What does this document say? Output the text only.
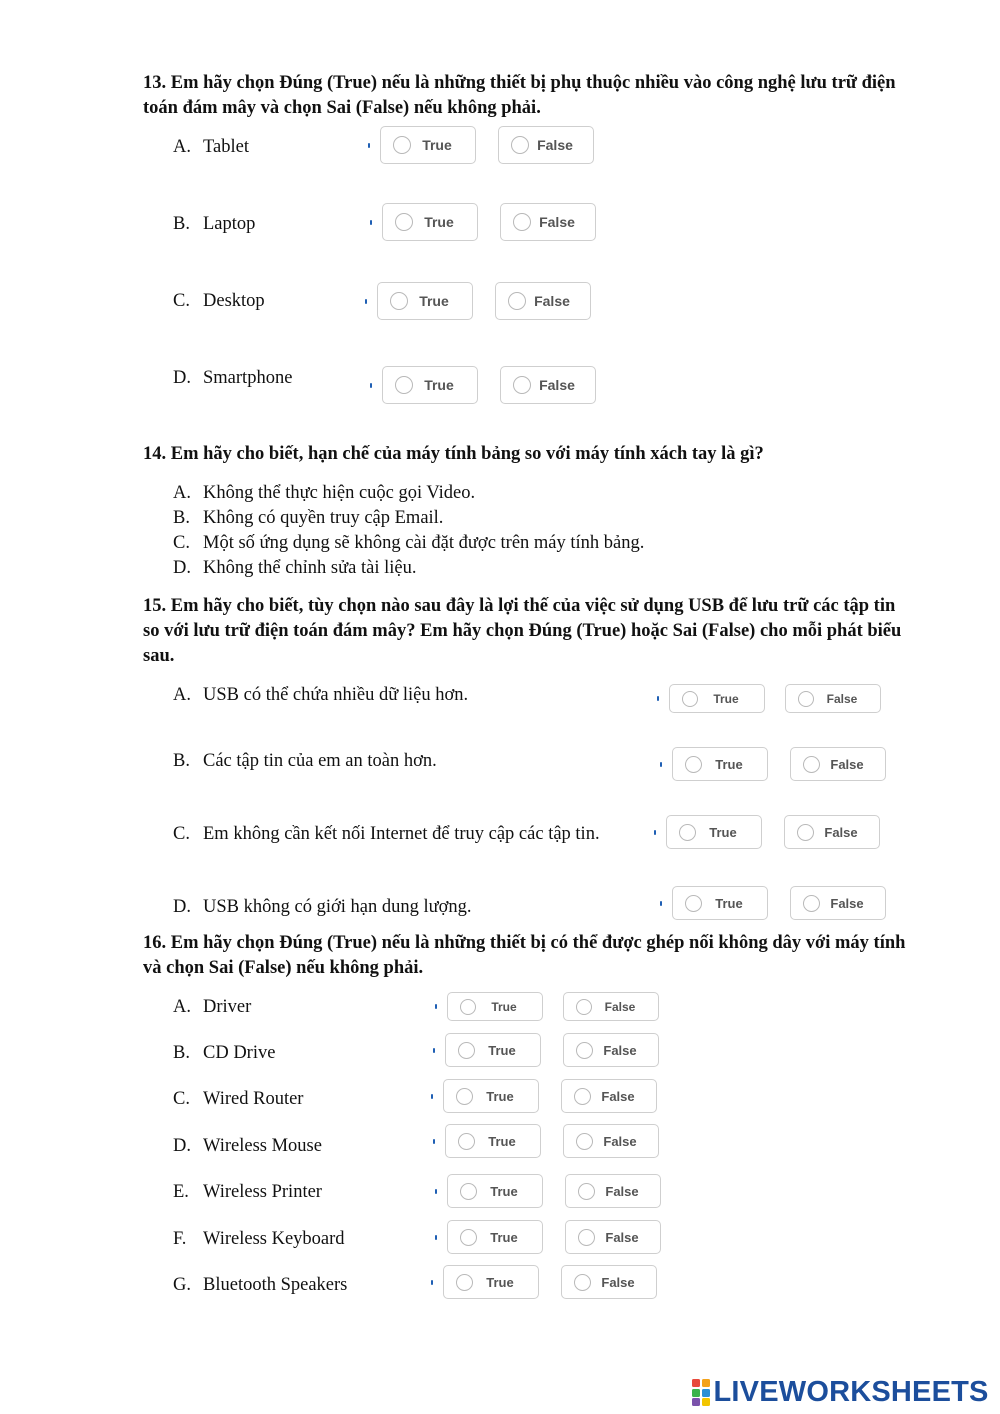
13. Em hãy chọn Đúng (True) nếu là những thiết bị phụ thuộc nhiều vào công nghệ lưu trữ điện toán đám mây và chọn Sai (False) nếu không phải.

A. Tablet	True	False
B. Laptop	True	False
C. Desktop	True	False
D. Smartphone	True	False

14. Em hãy cho biết, hạn chế của máy tính bảng so với máy tính xách tay là gì?

A. Không thể thực hiện cuộc gọi Video.
B. Không có quyền truy cập Email.
C. Một số ứng dụng sẽ không cài đặt được trên máy tính bảng.
D. Không thể chỉnh sửa tài liệu.

15. Em hãy cho biết, tùy chọn nào sau đây là lợi thế của việc sử dụng USB để lưu trữ các tập tin so với lưu trữ điện toán đám mây? Em hãy chọn Đúng (True) hoặc Sai (False) cho mỗi phát biểu sau.

A. USB có thể chứa nhiều dữ liệu hơn.	True	False
B. Các tập tin của em an toàn hơn.	True	False
C. Em không cần kết nối Internet để truy cập các tập tin.	True	False
D. USB không có giới hạn dung lượng.	True	False

16. Em hãy chọn Đúng (True) nếu là những thiết bị có thể được ghép nối không dây với máy tính và chọn Sai (False) nếu không phải.

A. Driver	True	False
B. CD Drive	True	False
C. Wired Router	True	False
D. Wireless Mouse	True	False
E. Wireless Printer	True	False
F. Wireless Keyboard	True	False
G. Bluetooth Speakers	True	False
LIVEWORKSHEETS
